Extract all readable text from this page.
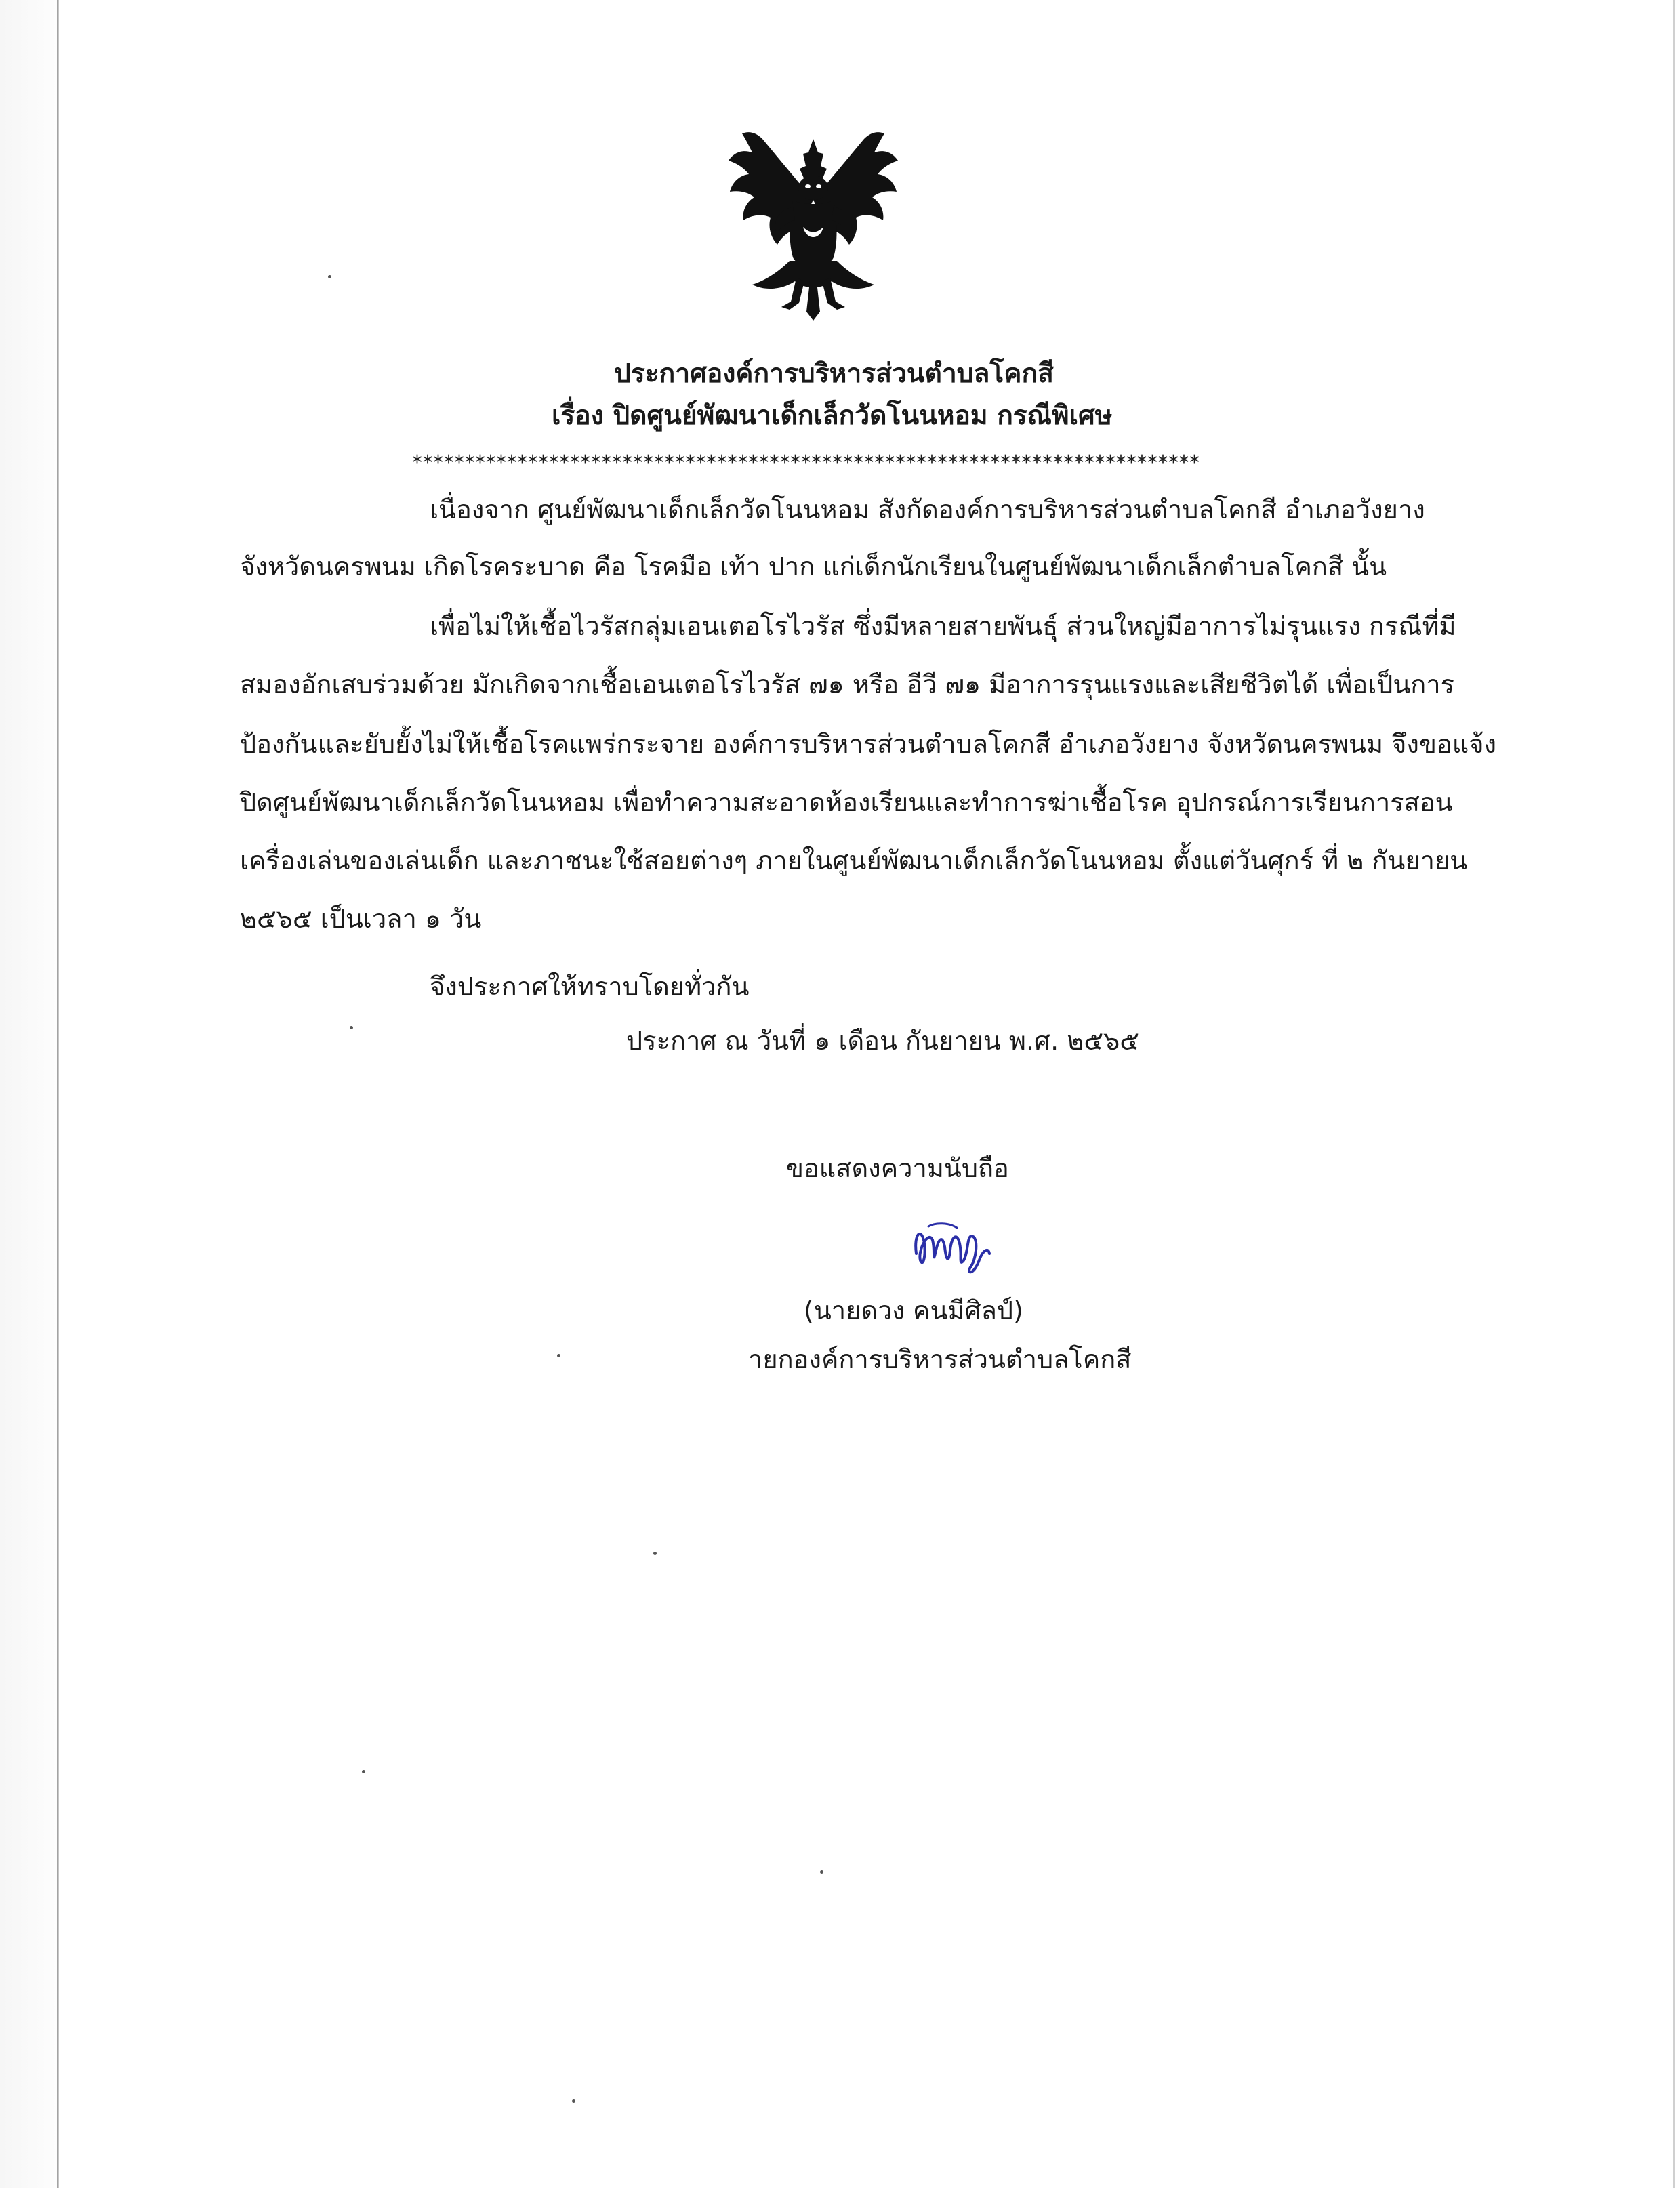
ประกาศองค์การบริหารส่วนตำบลโคกสี
เรื่อง ปิดศูนย์พัฒนาเด็กเล็กวัดโนนหอม กรณีพิเศษ
***************************************************************************
เนื่องจาก ศูนย์พัฒนาเด็กเล็กวัดโนนหอม สังกัดองค์การบริหารส่วนตำบลโคกสี อำเภอวังยาง
จังหวัดนครพนม เกิดโรคระบาด คือ โรคมือ เท้า ปาก แก่เด็กนักเรียนในศูนย์พัฒนาเด็กเล็กตำบลโคกสี นั้น
เพื่อไม่ให้เชื้อไวรัสกลุ่มเอนเตอโรไวรัส ซึ่งมีหลายสายพันธุ์ ส่วนใหญ่มีอาการไม่รุนแรง กรณีที่มี
สมองอักเสบร่วมด้วย มักเกิดจากเชื้อเอนเตอโรไวรัส ๗๑ หรือ อีวี ๗๑ มีอาการรุนแรงและเสียชีวิตได้ เพื่อเป็นการ
ป้องกันและยับยั้งไม่ให้เชื้อโรคแพร่กระจาย องค์การบริหารส่วนตำบลโคกสี อำเภอวังยาง จังหวัดนครพนม จึงขอแจ้ง
ปิดศูนย์พัฒนาเด็กเล็กวัดโนนหอม เพื่อทำความสะอาดห้องเรียนและทำการฆ่าเชื้อโรค อุปกรณ์การเรียนการสอน
เครื่องเล่นของเล่นเด็ก และภาชนะใช้สอยต่างๆ ภายในศูนย์พัฒนาเด็กเล็กวัดโนนหอม ตั้งแต่วันศุกร์ ที่ ๒ กันยายน
๒๕๖๕ เป็นเวลา ๑ วัน
จึงประกาศให้ทราบโดยทั่วกัน
ประกาศ ณ วันที่ ๑ เดือน กันยายน พ.ศ. ๒๕๖๕
ขอแสดงความนับถือ
(นายดวง คนมีศิลป์)
ายกองค์การบริหารส่วนตำบลโคกสี
